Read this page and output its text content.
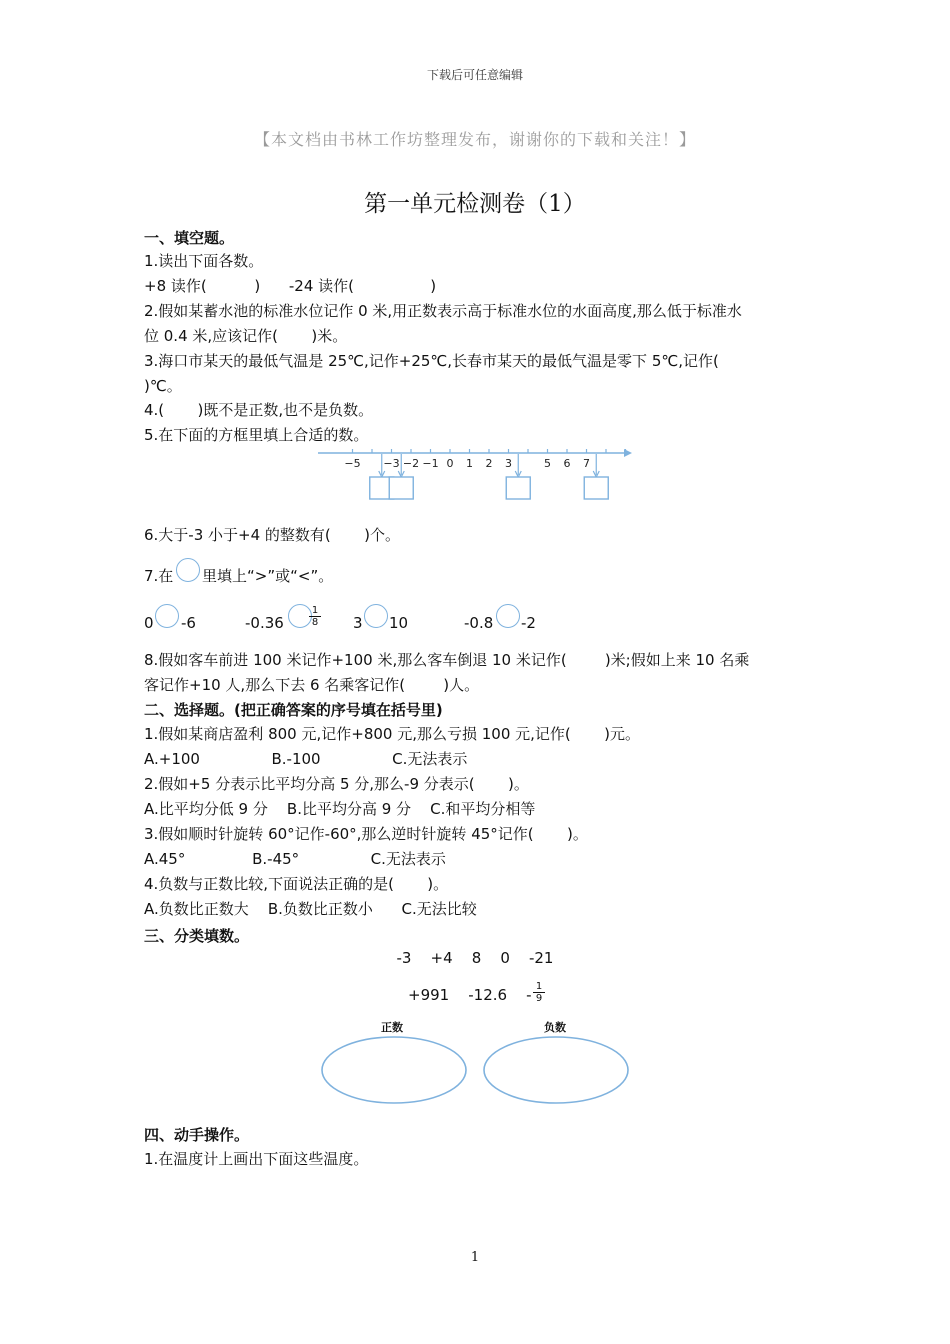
下载后可任意编辑
【本文档由书林工作坊整理发布，谢谢你的下载和关注！】
第一单元检测卷（1）
一、填空题。
1.读出下面各数。
+8 读作(          )      -24 读作(                )
2.假如某蓄水池的标准水位记作 0 米,用正数表示高于标准水位的水面高度,那么低于标准水
位 0.4 米,应该记作(       )米。
3.海口市某天的最低气温是 25℃,记作+25℃,长春市某天的最低气温是零下 5℃,记作(
)℃。
4.(       )既不是正数,也不是负数。
5.在下面的方框里填上合适的数。
−5 −3 −2 −1 0 1 2 3	5 6 7
6.大于-3 小于+4 的整数有(       )个。
7.在 里填上“>”或“<”。
0 -6	-0.36	$\frac{1}{8} 3$ 10	-0.8 -2
8.假如客车前进 100 米记作+100 米,那么客车倒退 10 米记作(        )米;假如上来 10 名乘
客记作+10 人,那么下去 6 名乘客记作(        )人。
二、选择题。(把正确答案的序号填在括号里)
1.假如某商店盈利 800 元,记作+800 元,那么亏损 100 元,记作(       )元。
A.+100               B.-100               C.无法表示
2.假如+5 分表示比平均分高 5 分,那么-9 分表示(       )。
A.比平均分低 9 分    B.比平均分高 9 分    C.和平均分相等
3.假如顺时针旋转 60°记作-60°,那么逆时针旋转 45°记作(       )。
A.45°              B.-45°               C.无法表示
4.负数与正数比较,下面说法正确的是(       )。
A.负数比正数大    B.负数比正数小      C.无法比较
三、分类填数。
-3    +4    8    0    -21
+991    -12.6    - $\frac{1}{9}$
正数	负数
四、动手操作。
1.在温度计上画出下面这些温度。
1
